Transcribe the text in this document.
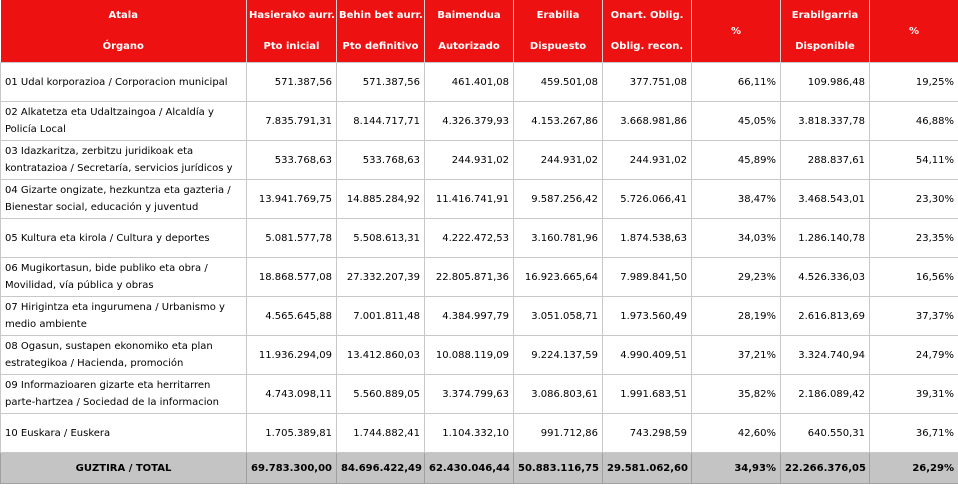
Atala	Hasierako aurr.	Behin bet aurr.	Baimendua	Erabilia	Onart. Oblig.	%	Erabilgarria	%
Órgano	Pto inicial	Pto definitivo	Autorizado	Dispuesto	Oblig. recon.		Disponible	
01 Udal korporazioa / Corporacion municipal	571.387,56	571.387,56	461.401,08	459.501,08	377.751,08	66,11%	109.986,48	19,25%
02 Alkatetza eta Udaltzaingoa / Alcaldía y Policía Local	7.835.791,31	8.144.717,71	4.326.379,93	4.153.267,86	3.668.981,86	45,05%	3.818.337,78	46,88%
03 Idazkaritza, zerbitzu juridikoak eta kontratazioa / Secretaría, servicios jurídicos y	533.768,63	533.768,63	244.931,02	244.931,02	244.931,02	45,89%	288.837,61	54,11%
04 Gizarte ongizate, hezkuntza eta gazteria / Bienestar social, educación y juventud	13.941.769,75	14.885.284,92	11.416.741,91	9.587.256,42	5.726.066,41	38,47%	3.468.543,01	23,30%
05 Kultura eta kirola / Cultura y deportes	5.081.577,78	5.508.613,31	4.222.472,53	3.160.781,96	1.874.538,63	34,03%	1.286.140,78	23,35%
06 Mugikortasun, bide publiko eta obra / Movilidad, vía pública y obras	18.868.577,08	27.332.207,39	22.805.871,36	16.923.665,64	7.989.841,50	29,23%	4.526.336,03	16,56%
07 Hirigintza eta ingurumena / Urbanismo y medio ambiente	4.565.645,88	7.001.811,48	4.384.997,79	3.051.058,71	1.973.560,49	28,19%	2.616.813,69	37,37%
08 Ogasun, sustapen ekonomiko eta plan estrategikoa / Hacienda, promoción	11.936.294,09	13.412.860,03	10.088.119,09	9.224.137,59	4.990.409,51	37,21%	3.324.740,94	24,79%
09 Informazioaren gizarte eta herritarren parte-hartzea / Sociedad de la informacion	4.743.098,11	5.560.889,05	3.374.799,63	3.086.803,61	1.991.683,51	35,82%	2.186.089,42	39,31%
10 Euskara / Euskera	1.705.389,81	1.744.882,41	1.104.332,10	991.712,86	743.298,59	42,60%	640.550,31	36,71%
GUZTIRA / TOTAL	69.783.300,00	84.696.422,49	62.430.046,44	50.883.116,75	29.581.062,60	34,93%	22.266.376,05	26,29%
